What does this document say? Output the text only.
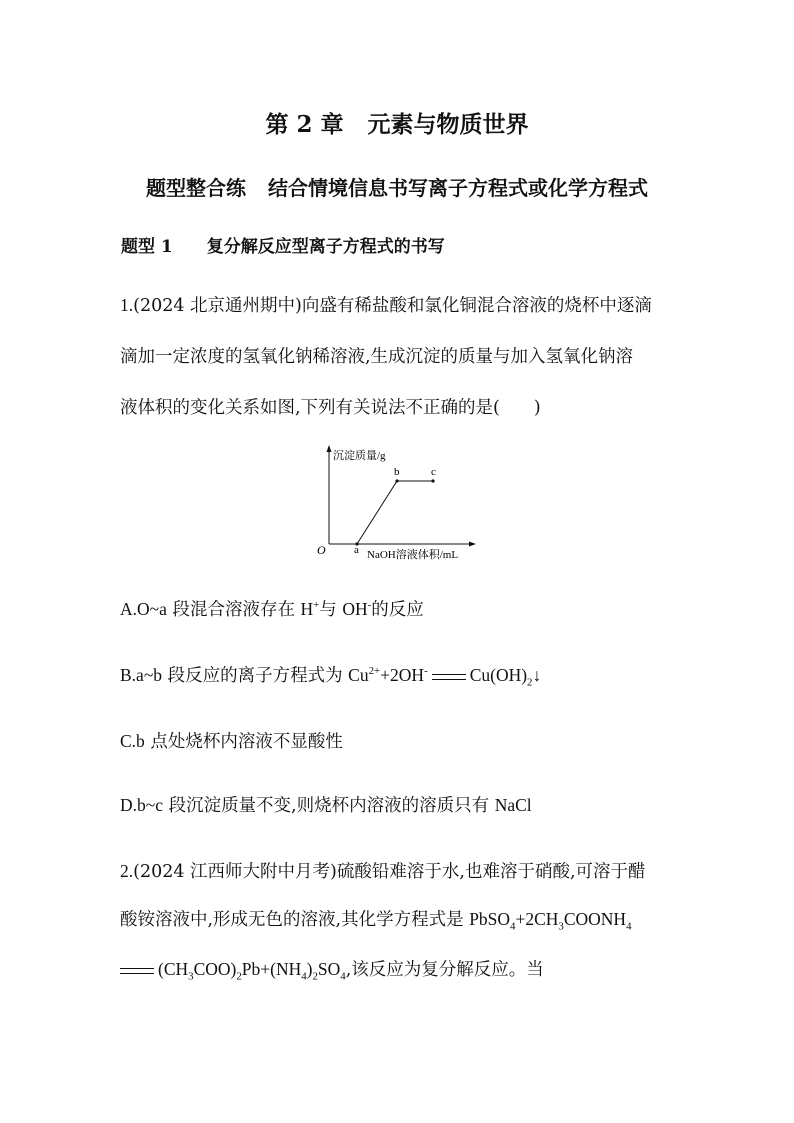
第 2 章 元素与物质世界
题型整合练 结合情境信息书写离子方程式或化学方程式
题型 1 复分解反应型离子方程式的书写
1.(2024 北京通州期中)向盛有稀盐酸和氯化铜混合溶液的烧杯中逐滴
滴加一定浓度的氢氧化钠稀溶液,生成沉淀的质量与加入氢氧化钠溶
液体积的变化关系如图,下列有关说法不正确的是( )
沉淀质量/g
O	a
b	c
NaOH溶液体积/mL
A.O~a 段混合溶液存在 H+与 OH-的反应
B.a~b 段反应的离子方程式为 $Cu^{2+}+2OH^-$ $Cu(OH)_2↓$
C.b 点处烧杯内溶液不显酸性
D.b~c 段沉淀质量不变,则烧杯内溶液的溶质只有 NaCl
2.(2024 江西师大附中月考)硫酸铅难溶于水,也难溶于硝酸,可溶于醋
酸铵溶液中,形成无色的溶液,其化学方程式是 $PbSO_4+2CH_3COONH_4$
$(CH_3COO)_2Pb+(NH_4)_2SO_4$,该反应为复分解反应。当
